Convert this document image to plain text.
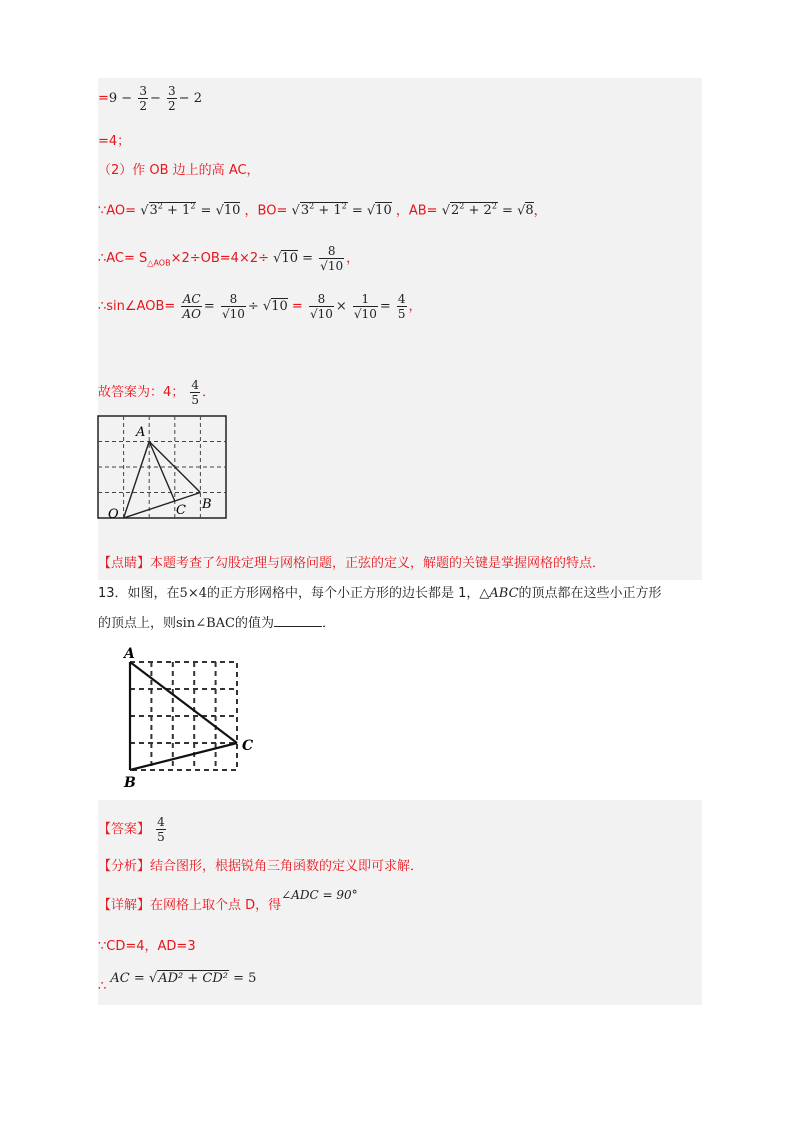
$=9 - \frac{3}{2} - \frac{3}{2} - 2$
=4；
（2）作 OB 边上的高 AC，
∵AO= $√3^2 + 1^2 = √10$ ，$BO= √3^2 + 1^2 = √10$ ，$AB= √2^2 + 2^2 = √8$，
∴AC= $S_{\triangle AOB}\times 2\div OB=4\times 2\div √10 = \frac{8}{√10}$ ，
∴sin∠AOB= $\frac{AC}{AO} = \frac{8}{√10} \div √10 = \frac{8}{√10} \times \frac{1}{√10} = \frac{4}{5}$ ，
故答案为：4； $\frac{4}{5}$ ．
A
O	C B
【点睛】本题考查了勾股定理与网格问题，正弦的定义，解题的关键是掌握网格的特点．
13．如图，在5×4的正方形网格中，每个小正方形的边长都是 1，△ABC的顶点都在这些小正方形
的顶点上，则sin∠BAC的值为	．
A
B
C
【答案】 $\frac{4}{5}$
【分析】结合图形，根据锐角三角函数的定义即可求解．
【详解】在网格上取个点 D，得∠ADC = 90°
∵CD=4，AD=3
∴ AC = √AD² + CD² = 5
